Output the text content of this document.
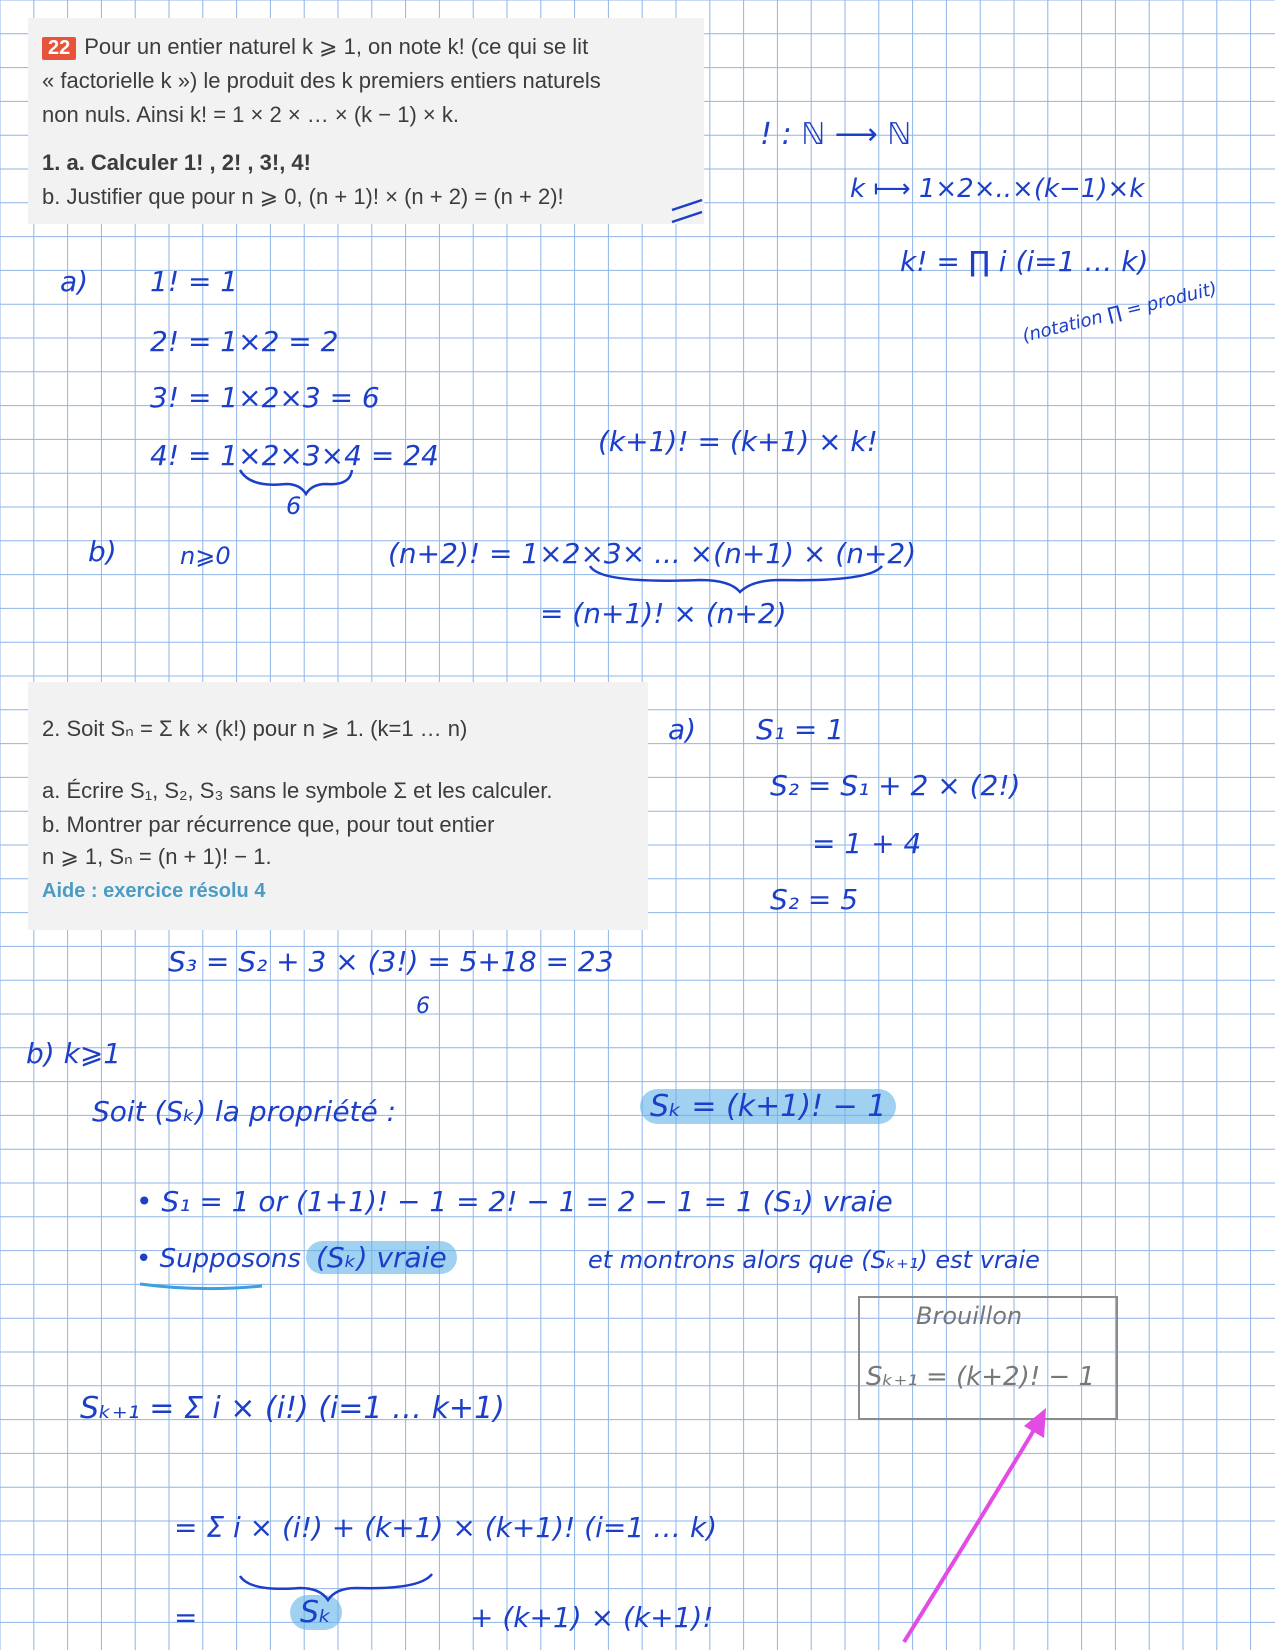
22 Pour un entier naturel k ⩾ 1, on note k! (ce qui se lit
« factorielle k ») le produit des k premiers entiers naturels
non nuls. Ainsi k! = 1 × 2 × … × (k − 1) × k.
1. a. Calculer 1! , 2! , 3!, 4!
b. Justifier que pour n ⩾ 0, (n + 1)! × (n + 2) = (n + 2)!
2. Soit Sₙ = Σ k × (k!) pour n ⩾ 1. (k=1 … n)
a. Écrire S₁, S₂, S₃ sans le symbole Σ et les calculer.
b. Montrer par récurrence que, pour tout entier
n ⩾ 1, Sₙ = (n + 1)! − 1.
Aide : exercice résolu 4
! : ℕ ⟶ ℕ
k ⟼ 1×2×..×(k−1)×k
k! = ∏ i (i=1 … k)
(notation ∏ = produit)
a) 1! = 1
2! = 1×2 = 2
3! = 1×2×3 = 6
4! = 1×2×3×4 = 24
6
(k+1)! = (k+1) × k!
b)	n⩾0	(n+2)! = 1×2×3× ... ×(n+1) × (n+2)
= (n+1)! × (n+2)
a) S₁ = 1
S₂ = S₁ + 2 × (2!)
= 1 + 4
S₂ = 5
S₃ = S₂ + 3 × (3!) = 5+18 = 23
6
b) k⩾1
Soit (Sₖ) la propriété :	Sₖ = (k+1)! − 1
• S₁ = 1 or (1+1)! − 1 = 2! − 1 = 2 − 1 = 1 (S₁) vraie
• Supposons (Sₖ) vraie	et montrons alors que (Sₖ₊₁) est vraie
Brouillon
Sₖ₊₁ = (k+2)! − 1
Sₖ₊₁ = Σ i × (i!) (i=1 … k+1)
= Σ i × (i!) + (k+1) × (k+1)! (i=1 … k)
=	Sₖ	+ (k+1) × (k+1)!
